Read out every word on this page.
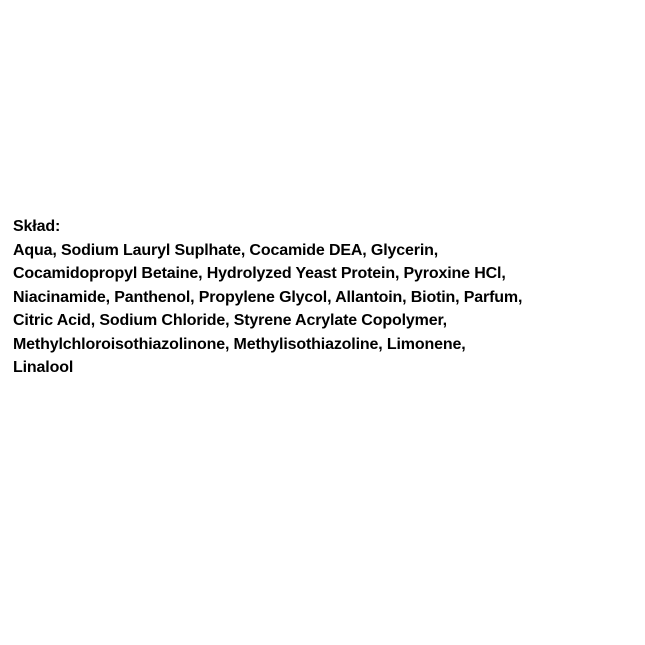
Skład:
Aqua, Sodium Lauryl Suplhate, Cocamide DEA, Glycerin,
Cocamidopropyl Betaine, Hydrolyzed Yeast Protein, Pyroxine HCl,
Niacinamide, Panthenol, Propylene Glycol, Allantoin, Biotin, Parfum,
Citric Acid, Sodium Chloride, Styrene Acrylate Copolymer,
Methylchloroisothiazolinone, Methylisothiazoline, Limonene,
Linalool
